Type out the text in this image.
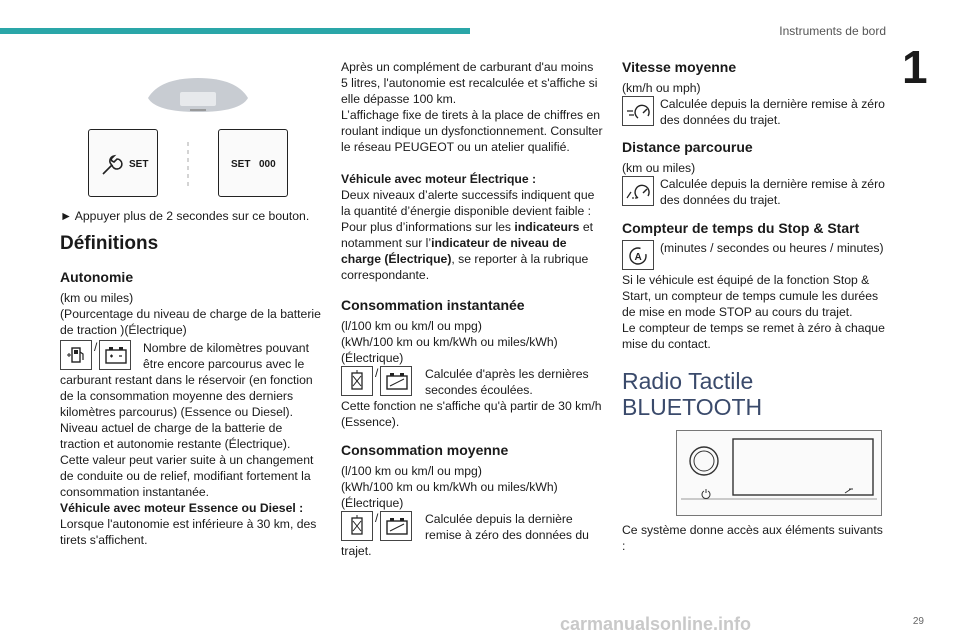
Instruments de bord
1
SET	SET 000

► Appuyer plus de 2 secondes sur ce bouton.

Définitions
Autonomie

(km ou miles)

(Pourcentage du niveau de charge de la batterie de traction )(Électrique)

/	Nombre de kilomètres pouvant être encore parcourus avec le

carburant restant dans le réservoir (en fonction de la consommation moyenne des derniers kilomètres parcourus) (Essence ou Diesel).

Niveau actuel de charge de la batterie de traction et autonomie restante (Électrique).

Cette valeur peut varier suite à un changement de conduite ou de relief, modifiant fortement la consommation instantanée.

Véhicule avec moteur Essence ou Diesel :

Lorsque l'autonomie est inférieure à 30 km, des tirets s'affichent.

Après un complément de carburant d'au moins 5 litres, l'autonomie est recalculée et s'affiche si elle dépasse 100 km.

L’affichage fixe de tirets à la place de chiffres en roulant indique un dysfonctionnement. Consulter le réseau PEUGEOT ou un atelier qualifié.

Véhicule avec moteur Électrique :

Deux niveaux d’alerte successifs indiquent que la quantité d’énergie disponible devient faible : Pour plus d’informations sur les indicateurs et notamment sur l’indicateur de niveau de charge (Électrique), se reporter à la rubrique correspondante.

Consommation instantanée

(l/100 km ou km/l ou mpg)

(kWh/100 km ou km/kWh ou miles/kWh)

(Électrique)

/	Calculée d'après les dernières secondes écoulées.

Cette fonction ne s'affiche qu'à partir de 30 km/h (Essence).

Consommation moyenne

(l/100 km ou km/l ou mpg)

(kWh/100 km ou km/kWh ou miles/kWh)

(Électrique)

/	Calculée depuis la dernière remise à zéro des données du

trajet.

Vitesse moyenne

(km/h ou mph)

Calculée depuis la dernière remise à zéro des données du trajet.
Distance parcourue

(km ou miles)

Calculée depuis la dernière remise à zéro des données du trajet.
Compteur de temps du Stop & Start
A
(minutes / secondes ou heures / minutes)

Si le véhicule est équipé de la fonction Stop & Start, un compteur de temps cumule les durées de mise en mode STOP au cours du trajet.

Le compteur de temps se remet à zéro à chaque mise du contact.

Radio Tactile
BLUETOOTH

Ce système donne accès aux éléments suivants :

carmanualsonline.info	29
